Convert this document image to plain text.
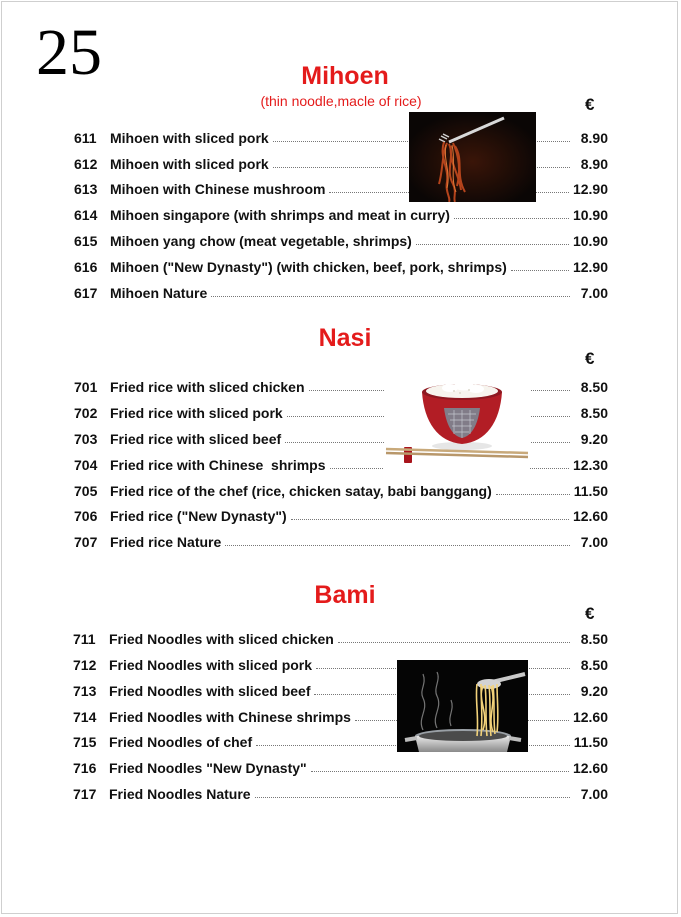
25	Mihoen
(thin noodle,macle of rice)	€
611 Mihoen with sliced pork	8.90
612 Mihoen with sliced pork	8.90
613 Mihoen with Chinese mushroom	12.90
614 Mihoen singapore (with shrimps and meat in curry)	10.90
615 Mihoen yang chow (meat vegetable, shrimps)	10.90
616 Mihoen ("New Dynasty") (with chicken, beef, pork, shrimps)	12.90
617 Mihoen Nature	7.00
Nasi
€
701 Fried rice with sliced chicken	8.50
702 Fried rice with sliced pork	8.50
703 Fried rice with sliced beef	9.20
704 Fried rice with Chinese  shrimps	12.30
705 Fried rice of the chef (rice, chicken satay, babi banggang)	11.50
706 Fried rice ("New Dynasty")	12.60
707 Fried rice Nature	7.00
Bami
€
711 Fried Noodles with sliced chicken	8.50
712 Fried Noodles with sliced pork	8.50
713 Fried Noodles with sliced beef	9.20
714 Fried Noodles with Chinese shrimps	12.60
715 Fried Noodles of chef	11.50
716 Fried Noodles "New Dynasty"	12.60
717 Fried Noodles Nature	7.00
